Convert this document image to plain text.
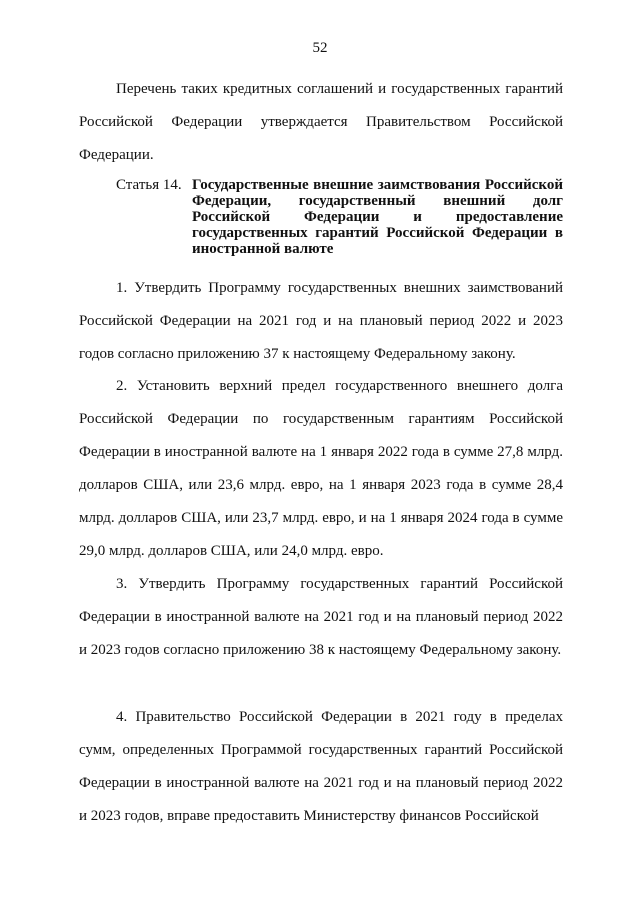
52

Перечень таких кредитных соглашений и государственных гарантий Российской Федерации утверждается Правительством Российской Федерации.

Статья 14. Государственные внешние заимствования Российской Федерации, государственный внешний долг Российской Федерации и предоставление государственных гарантий Российской Федерации в иностранной валюте

1. Утвердить Программу государственных внешних заимствований Российской Федерации на 2021 год и на плановый период 2022 и 2023 годов согласно приложению 37 к настоящему Федеральному закону.

2. Установить верхний предел государственного внешнего долга Российской Федерации по государственным гарантиям Российской Федерации в иностранной валюте на 1 января 2022 года в сумме 27,8 млрд. долларов США, или 23,6 млрд. евро, на 1 января 2023 года в сумме 28,4 млрд. долларов США, или 23,7 млрд. евро, и на 1 января 2024 года в сумме 29,0 млрд. долларов США, или 24,0 млрд. евро.

3. Утвердить Программу государственных гарантий Российской Федерации в иностранной валюте на 2021 год и на плановый период 2022 и 2023 годов согласно приложению 38 к настоящему Федеральному закону.

4. Правительство Российской Федерации в 2021 году в пределах сумм, определенных Программой государственных гарантий Российской Федерации в иностранной валюте на 2021 год и на плановый период 2022 и 2023 годов, вправе предоставить Министерству финансов Российской
